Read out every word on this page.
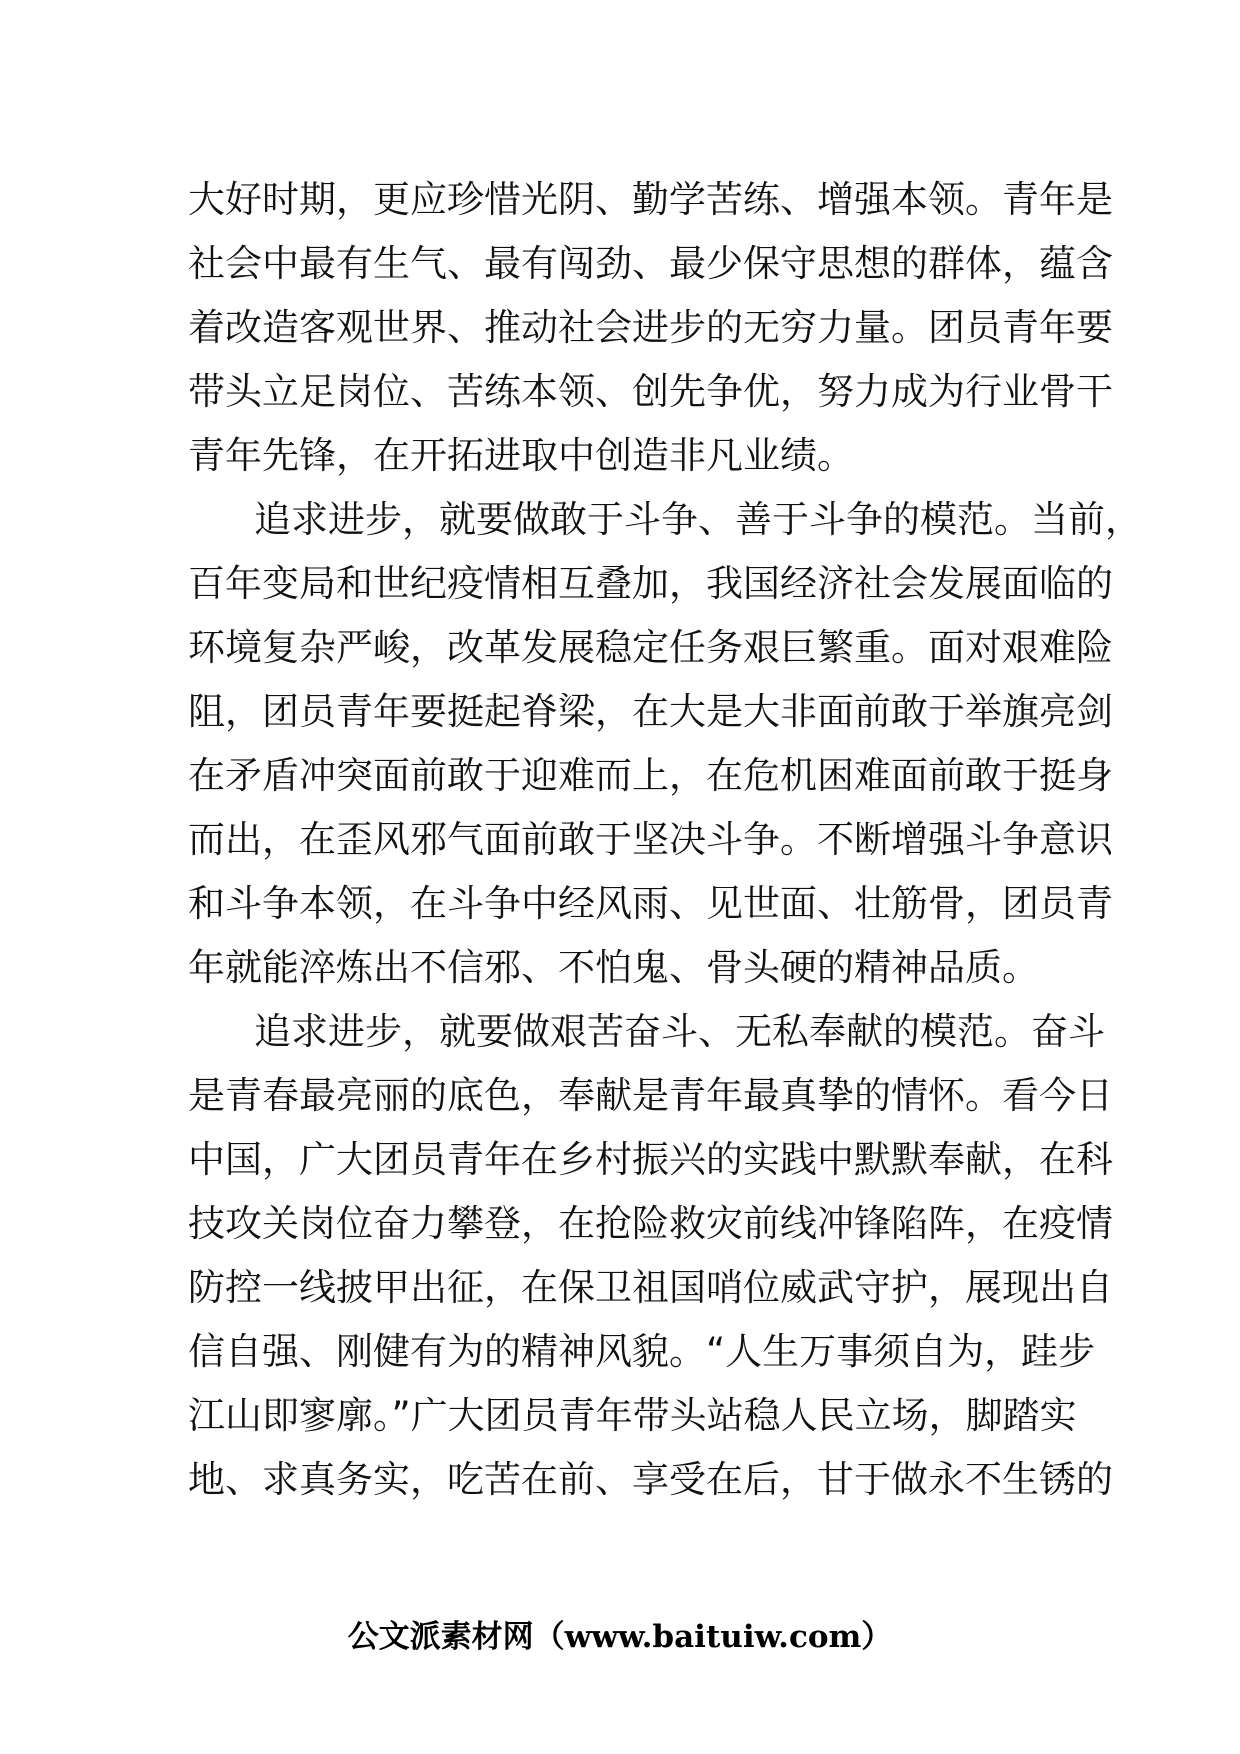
大好时期，更应珍惜光阴、勤学苦练、增强本领。青年是
社会中最有生气、最有闯劲、最少保守思想的群体，蕴含
着改造客观世界、推动社会进步的无穷力量。团员青年要
带头立足岗位、苦练本领、创先争优，努力成为行业骨干
青年先锋，在开拓进取中创造非凡业绩。
追求进步，就要做敢于斗争、善于斗争的模范。当前，
百年变局和世纪疫情相互叠加，我国经济社会发展面临的
环境复杂严峻，改革发展稳定任务艰巨繁重。面对艰难险
阻，团员青年要挺起脊梁，在大是大非面前敢于举旗亮剑
在矛盾冲突面前敢于迎难而上，在危机困难面前敢于挺身
而出，在歪风邪气面前敢于坚决斗争。不断增强斗争意识
和斗争本领，在斗争中经风雨、见世面、壮筋骨，团员青
年就能淬炼出不信邪、不怕鬼、骨头硬的精神品质。
追求进步，就要做艰苦奋斗、无私奉献的模范。奋斗
是青春最亮丽的底色，奉献是青年最真挚的情怀。看今日
中国，广大团员青年在乡村振兴的实践中默默奉献，在科
技攻关岗位奋力攀登，在抢险救灾前线冲锋陷阵，在疫情
防控一线披甲出征，在保卫祖国哨位威武守护，展现出自
信自强、刚健有为的精神风貌。“人生万事须自为，跬步
江山即寥廓。”广大团员青年带头站稳人民立场，脚踏实
地、求真务实，吃苦在前、享受在后，甘于做永不生锈的
公文派素材网（www.baituiw.com）
